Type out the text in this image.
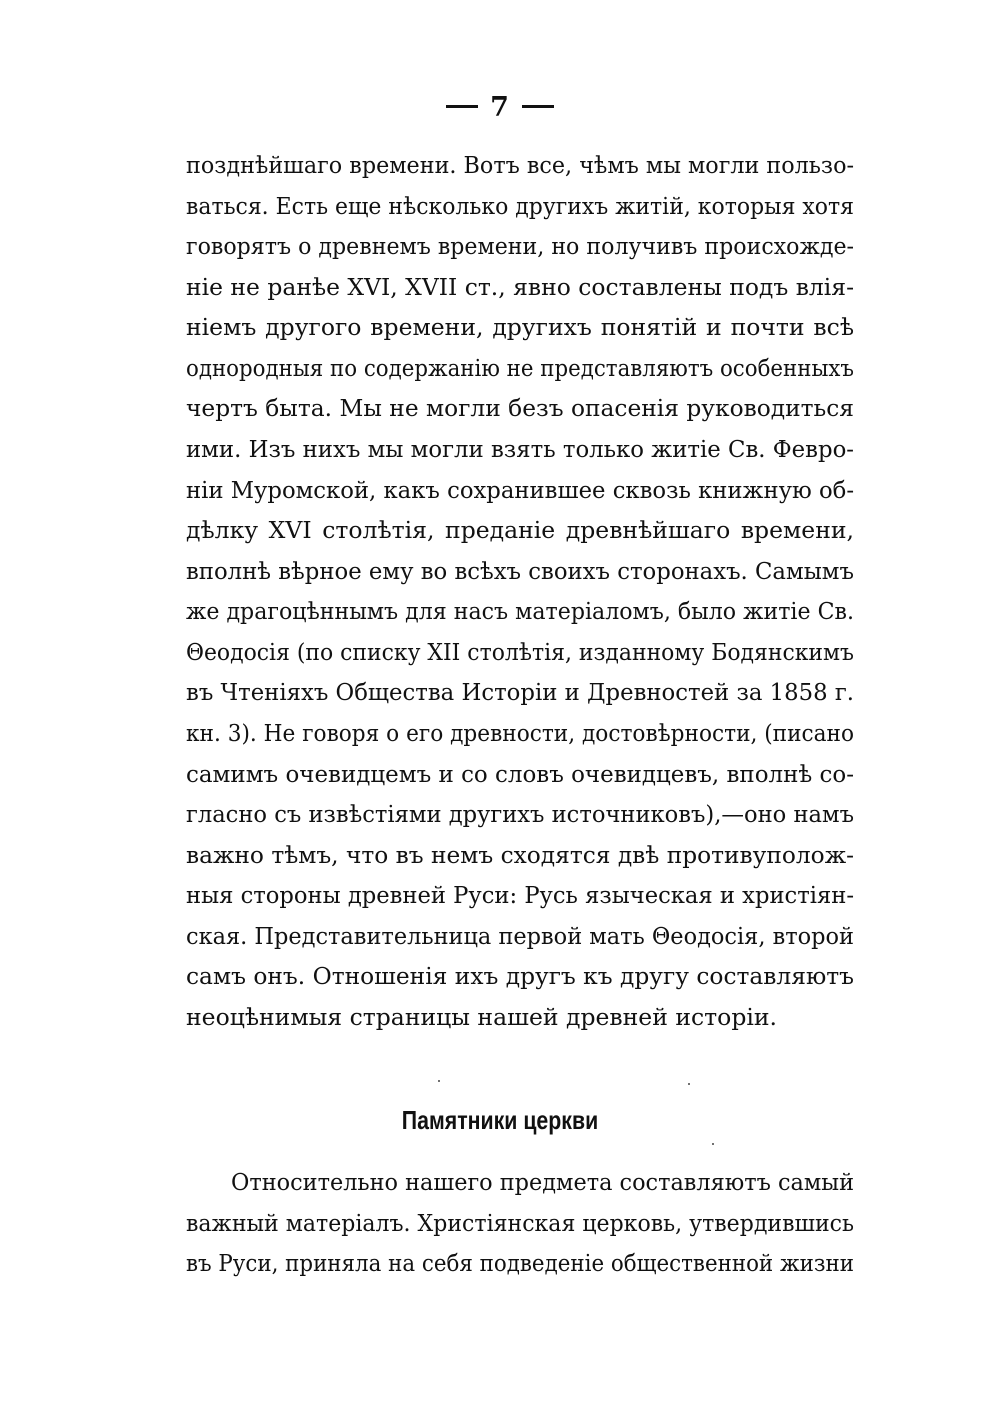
7
позднѣйшаго времени. Вотъ все, чѣмъ мы могли пользо-
ваться. Есть еще нѣсколько другихъ житій, которыя хотя
говорятъ о древнемъ времени, но получивъ происхожде-
ніе не ранѣе XVI, XVII ст., явно составлены подъ влія-
ніемъ другого времени, другихъ понятій и почти всѣ
однородныя по содержанію не представляютъ особенныхъ
чертъ быта. Мы не могли безъ опасенія руководиться
ими. Изъ нихъ мы могли взять только житіе Св. Февро-
ніи Муромской, какъ сохранившее сквозь книжную об-
дѣлку XVI столѣтія, преданіе древнѣйшаго времени,
вполнѣ вѣрное ему во всѣхъ своихъ сторонахъ. Самымъ
же драгоцѣннымъ для насъ матеріаломъ, было житіе Св.
Θеодосія (по списку XII столѣтія, изданному Бодянскимъ
въ Чтеніяхъ Общества Исторіи и Древностей за 1858 г.
кн. 3). Не говоря о его древности, достовѣрности, (писано
самимъ очевидцемъ и со словъ очевидцевъ, вполнѣ со-
гласно съ извѣстіями другихъ источниковъ),—оно намъ
важно тѣмъ, что въ немъ сходятся двѣ противуполож-
ныя стороны древней Руси: Русь языческая и христіян-
ская. Представительница первой мать Θеодосія, второй
самъ онъ. Отношенія ихъ другъ къ другу составляютъ
неоцѣнимыя страницы нашей древней исторіи.
Памятники церкви
Относительно нашего предмета составляютъ самый
важный матеріалъ. Христіянская церковь, утвердившись
въ Руси, приняла на себя подведеніе общественной жизни
